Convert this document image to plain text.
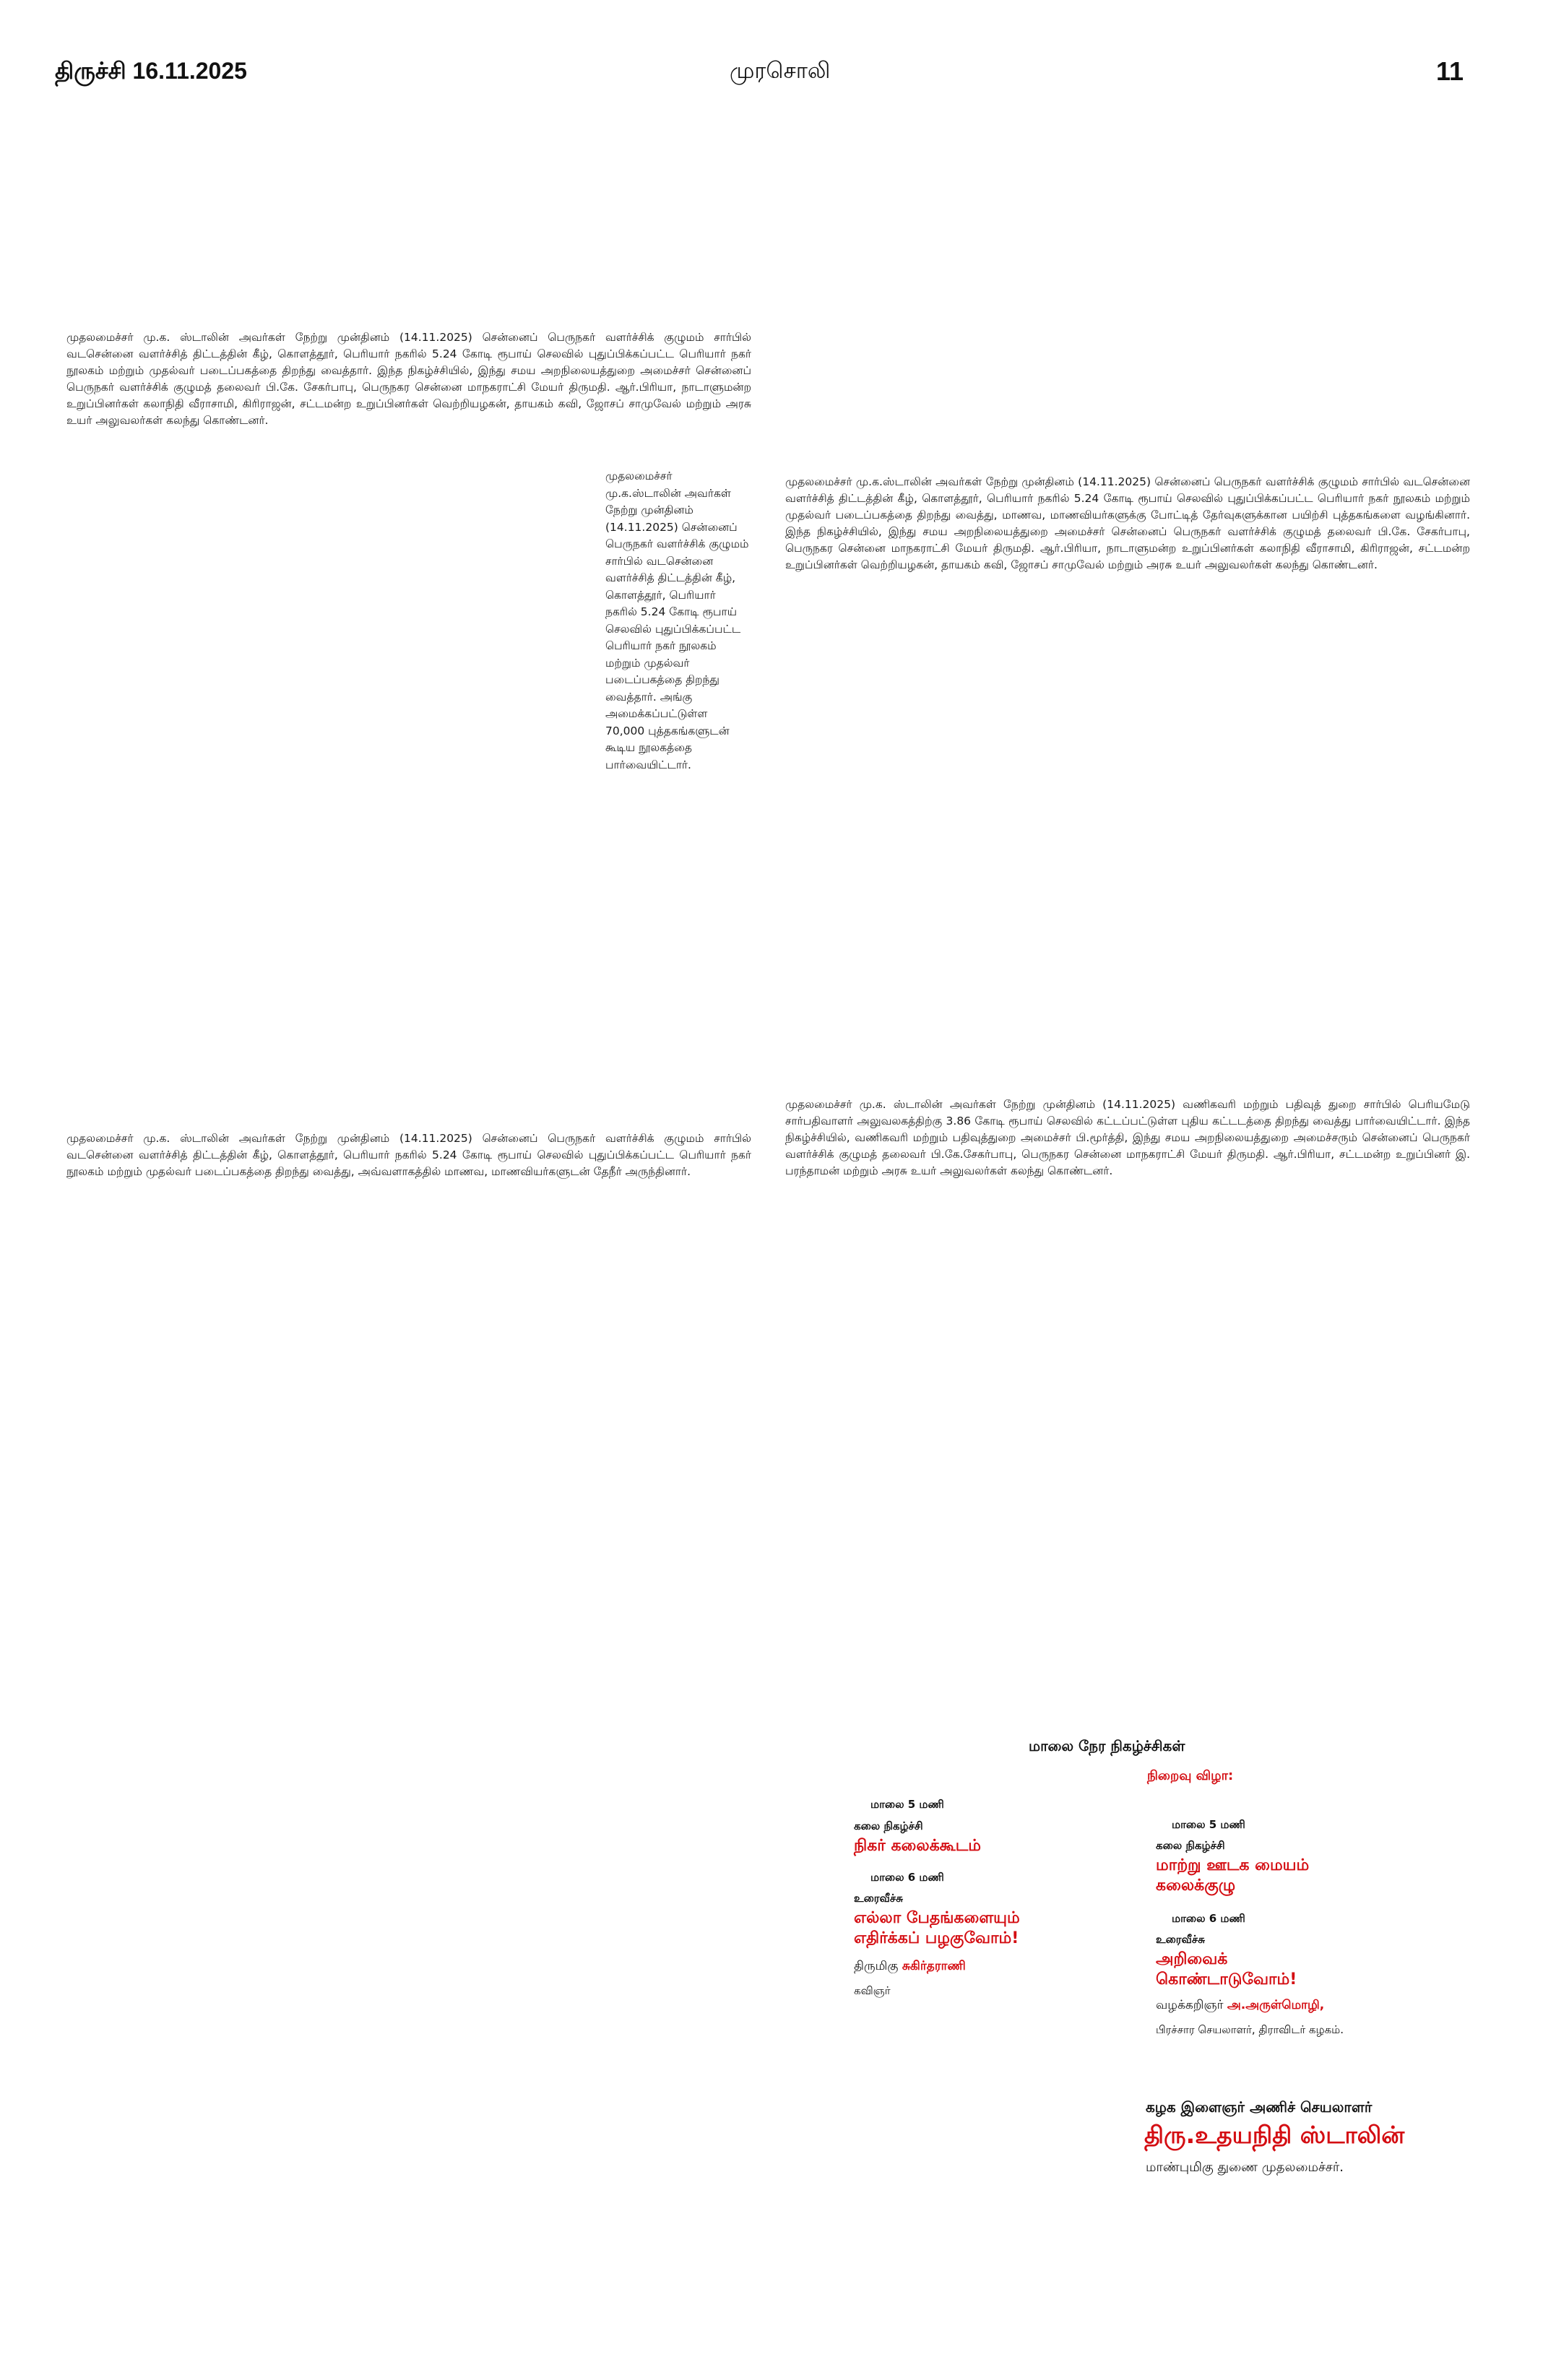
திருச்சி 16.11.2025	முரசொலி	11
முதலமைச்சர் மு.க. ஸ்டாலின் அவர்கள் நேற்று முன்தினம் (14.11.2025) சென்னைப் பெருநகர் வளர்ச்சிக் குழுமம் சார்பில் வடசென்னை வளர்ச்சித் திட்டத்தின் கீழ், கொளத்தூர், பெரியார் நகரில் 5.24 கோடி ரூபாய் செலவில் புதுப்பிக்கப்பட்ட பெரியார் நகர் நூலகம் மற்றும் முதல்வர் படைப்பகத்தை திறந்து வைத்தார். இந்த நிகழ்ச்சியில், இந்து சமய அறநிலையத்துறை அமைச்சர் சென்னைப் பெருநகர் வளர்ச்சிக் குழுமத் தலைவர் பி.கே. சேகர்பாபு, பெருநகர சென்னை மாநகராட்சி மேயர் திருமதி. ஆர்.பிரியா, நாடாளுமன்ற உறுப்பினர்கள் கலாநிதி வீராசாமி, கிரிராஜன், சட்டமன்ற உறுப்பினர்கள் வெற்றியழகன், தாயகம் கவி, ஜோசப் சாமுவேல் மற்றும் அரசு உயர் அலுவலர்கள் கலந்து கொண்டனர்.
முதலமைச்சர் மு.க.ஸ்டாலின் அவர்கள் நேற்று முன்தினம் (14.11.2025) சென்னைப் பெருநகர் வளர்ச்சிக் குழுமம் சார்பில் வடசென்னை வளர்ச்சித் திட்டத்தின் கீழ், கொளத்தூர், பெரியார் நகரில் 5.24 கோடி ரூபாய் செலவில் புதுப்பிக்கப்பட்ட பெரியார் நகர் நூலகம் மற்றும் முதல்வர் படைப்பகத்தை திறந்து வைத்தார். அங்கு அமைக்கப்பட்டுள்ள 70,000 புத்தகங்களுடன் கூடிய நூலகத்தை பார்வையிட்டார்.
முதலமைச்சர் மு.க.ஸ்டாலின் அவர்கள் நேற்று முன்தினம் (14.11.2025) சென்னைப் பெருநகர் வளர்ச்சிக் குழுமம் சார்பில் வடசென்னை வளர்ச்சித் திட்டத்தின் கீழ், கொளத்தூர், பெரியார் நகரில் 5.24 கோடி ரூபாய் செலவில் புதுப்பிக்கப்பட்ட பெரியார் நகர் நூலகம் மற்றும் முதல்வர் படைப்பகத்தை திறந்து வைத்து, மாணவ, மாணவியர்களுக்கு போட்டித் தேர்வுகளுக்கான பயிற்சி புத்தகங்களை வழங்கினார். இந்த நிகழ்ச்சியில், இந்து சமய அறநிலையத்துறை அமைச்சர் சென்னைப் பெருநகர் வளர்ச்சிக் குழுமத் தலைவர் பி.கே. சேகர்பாபு, பெருநகர சென்னை மாநகராட்சி மேயர் திருமதி. ஆர்.பிரியா, நாடாளுமன்ற உறுப்பினர்கள் கலாநிதி வீராசாமி, கிரிராஜன், சட்டமன்ற உறுப்பினர்கள் வெற்றியழகன், தாயகம் கவி, ஜோசப் சாமுவேல் மற்றும் அரசு உயர் அலுவலர்கள் கலந்து கொண்டனர்.
முதலமைச்சர் மு.க. ஸ்டாலின் அவர்கள் நேற்று முன்தினம் (14.11.2025) சென்னைப் பெருநகர் வளர்ச்சிக் குழுமம் சார்பில் வடசென்னை வளர்ச்சித் திட்டத்தின் கீழ், கொளத்தூர், பெரியார் நகரில் 5.24 கோடி ரூபாய் செலவில் புதுப்பிக்கப்பட்ட பெரியார் நகர் நூலகம் மற்றும் முதல்வர் படைப்பகத்தை திறந்து வைத்து, அவ்வளாகத்தில் மாணவ, மாணவியர்களுடன் தேநீர் அருந்தினார்.
முதலமைச்சர் மு.க. ஸ்டாலின் அவர்கள் நேற்று முன்தினம் (14.11.2025) வணிகவரி மற்றும் பதிவுத் துறை சார்பில் பெரியமேடு சார்பதிவாளர் அலுவலகத்திற்கு 3.86 கோடி ரூபாய் செலவில் கட்டப்பட்டுள்ள புதிய கட்டடத்தை திறந்து வைத்து பார்வையிட்டார். இந்த நிகழ்ச்சியில், வணிகவரி மற்றும் பதிவுத்துறை அமைச்சர் பி.மூர்த்தி, இந்து சமய அறநிலையத்துறை அமைச்சரும் சென்னைப் பெருநகர் வளர்ச்சிக் குழுமத் தலைவர் பி.கே.சேகர்பாபு, பெருநகர சென்னை மாநகராட்சி மேயர் திருமதி. ஆர்.பிரியா, சட்டமன்ற உறுப்பினர் இ. பரந்தாமன் மற்றும் அரசு உயர் அலுவலர்கள் கலந்து கொண்டனர்.
மாலை நேர நிகழ்ச்சிகள்
நிறைவு விழா:
மாலை 5 மணி
கலை நிகழ்ச்சி
நிகர் கலைக்கூடம்
மாலை 6 மணி
உரைவீச்சு
எல்லா பேதங்களையும்
எதிர்க்கப் பழகுவோம்!
திருமிகு சுகிர்தராணி
கவிஞர்
மாலை 5 மணி
கலை நிகழ்ச்சி
மாற்று ஊடக மையம்
கலைக்குழு
மாலை 6 மணி
உரைவீச்சு
அறிவைக்
கொண்டாடுவோம்!
வழக்கறிஞர் அ.அருள்மொழி,
பிரச்சார செயலாளர், திராவிடர் கழகம்.
கழக இளைஞர் அணிச் செயலாளர்
திரு.உதயநிதி ஸ்டாலின்
மாண்புமிகு துணை முதலமைச்சர்.
